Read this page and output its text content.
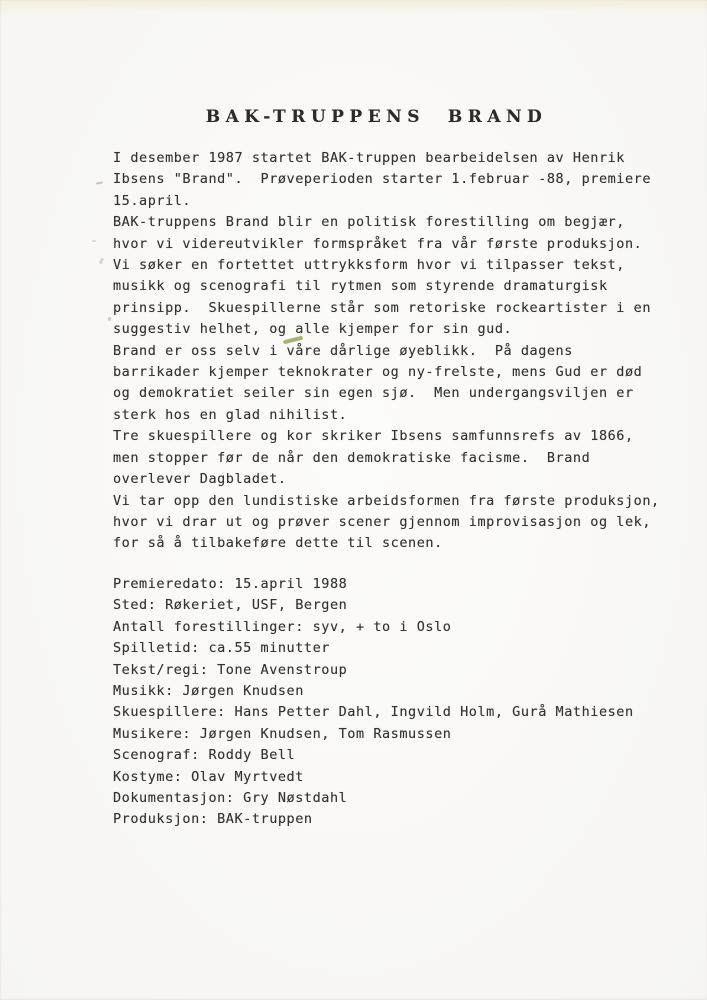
BAK-TRUPPENS  BRAND
I desember 1987 startet BAK-truppen bearbeidelsen av Henrik
Ibsens "Brand".  Prøveperioden starter 1.februar -88, premiere
15.april.
BAK-truppens Brand blir en politisk forestilling om begjær,
hvor vi videreutvikler formspråket fra vår første produksjon.
Vi søker en fortettet uttrykksform hvor vi tilpasser tekst,
musikk og scenografi til rytmen som styrende dramaturgisk
prinsipp.  Skuespillerne står som retoriske rockeartister i en
suggestiv helhet, og alle kjemper for sin gud.
Brand er oss selv i våre dårlige øyeblikk.  På dagens
barrikader kjemper teknokrater og ny-frelste, mens Gud er død
og demokratiet seiler sin egen sjø.  Men undergangsviljen er
sterk hos en glad nihilist.
Tre skuespillere og kor skriker Ibsens samfunnsrefs av 1866,
men stopper før de når den demokratiske facisme.  Brand
overlever Dagbladet.
Vi tar opp den lundistiske arbeidsformen fra første produksjon,
hvor vi drar ut og prøver scener gjennom improvisasjon og lek,
for så å tilbakeføre dette til scenen.
Premieredato: 15.april 1988
Sted: Røkeriet, USF, Bergen
Antall forestillinger: syv, + to i Oslo
Spilletid: ca.55 minutter
Tekst/regi: Tone Avenstroup
Musikk: Jørgen Knudsen
Skuespillere: Hans Petter Dahl, Ingvild Holm, Gurå Mathiesen
Musikere: Jørgen Knudsen, Tom Rasmussen
Scenograf: Roddy Bell
Kostyme: Olav Myrtvedt
Dokumentasjon: Gry Nøstdahl
Produksjon: BAK-truppen
